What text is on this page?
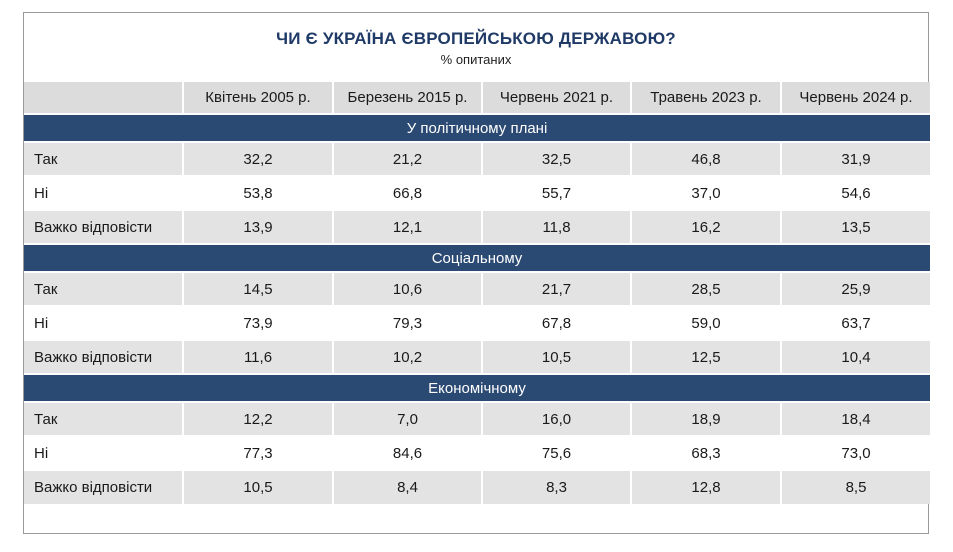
ЧИ Є УКРАЇНА ЄВРОПЕЙСЬКОЮ ДЕРЖАВОЮ?
% опитаних
	Квітень 2005 р.	Березень 2015 р.	Червень 2021 р.	Травень 2023 р.	Червень 2024 р.
У політичному плані					
Так	32,2	21,2	32,5	46,8	31,9
Ні	53,8	66,8	55,7	37,0	54,6
Важко відповісти	13,9	12,1	11,8	16,2	13,5
Соціальному					
Так	14,5	10,6	21,7	28,5	25,9
Ні	73,9	79,3	67,8	59,0	63,7
Важко відповісти	11,6	10,2	10,5	12,5	10,4
Економічному					
Так	12,2	7,0	16,0	18,9	18,4
Ні	77,3	84,6	75,6	68,3	73,0
Важко відповісти	10,5	8,4	8,3	12,8	8,5
